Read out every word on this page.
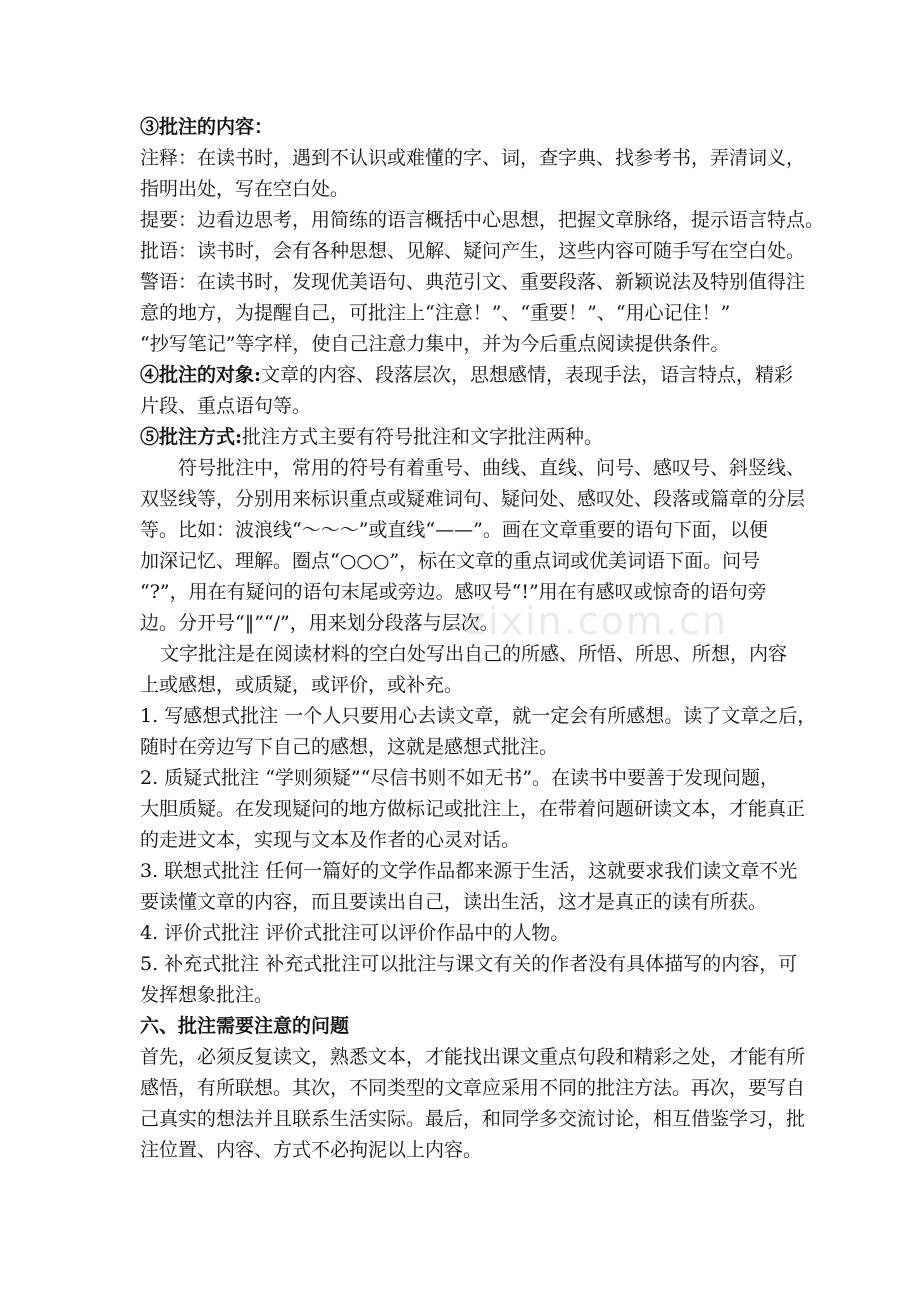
③批注的内容：
注释：在读书时，遇到不认识或难懂的字、词，查字典、找参考书，弄清词义，
指明出处，写在空白处。
提要：边看边思考，用简练的语言概括中心思想，把握文章脉络，提示语言特点。
批语：读书时，会有各种思想、见解、疑问产生，这些内容可随手写在空白处。
警语：在读书时，发现优美语句、典范引文、重要段落、新颖说法及特别值得注
意的地方，为提醒自己，可批注上“注意！”、“重要！”、“用心记住！”
“抄写笔记”等字样，使自己注意力集中，并为今后重点阅读提供条件。
④批注的对象:文章的内容、段落层次，思想感情，表现手法，语言特点，精彩
片段、重点语句等。
⑤批注方式:批注方式主要有符号批注和文字批注两种。
符号批注中，常用的符号有着重号、曲线、直线、问号、感叹号、斜竖线、
双竖线等，分别用来标识重点或疑难词句、疑问处、感叹处、段落或篇章的分层
等。比如：波浪线“～～～”或直线“——”。画在文章重要的语句下面，以便
加深记忆、理解。圈点“○○○”，标在文章的重点词或优美词语下面。问号
“?”，用在有疑问的语句末尾或旁边。感叹号“!”用在有感叹或惊奇的语句旁
边。分开号“‖”“/”，用来划分段落与层次。
文字批注是在阅读材料的空白处写出自己的所感、所悟、所思、所想，内容
上或感想，或质疑，或评价，或补充。
1. 写感想式批注 一个人只要用心去读文章，就一定会有所感想。读了文章之后，
随时在旁边写下自己的感想，这就是感想式批注。
2. 质疑式批注 “学则须疑”“尽信书则不如无书”。在读书中要善于发现问题，
大胆质疑。在发现疑问的地方做标记或批注上，在带着问题研读文本，才能真正
的走进文本，实现与文本及作者的心灵对话。
3. 联想式批注 任何一篇好的文学作品都来源于生活，这就要求我们读文章不光
要读懂文章的内容，而且要读出自己，读出生活，这才是真正的读有所获。
4. 评价式批注 评价式批注可以评价作品中的人物。
5. 补充式批注 补充式批注可以批注与课文有关的作者没有具体描写的内容，可
发挥想象批注。
六、批注需要注意的问题
首先，必须反复读文，熟悉文本，才能找出课文重点句段和精彩之处，才能有所
感悟，有所联想。其次，不同类型的文章应采用不同的批注方法。再次，要写自
己真实的想法并且联系生活实际。最后，和同学多交流讨论，相互借鉴学习，批
注位置、内容、方式不必拘泥以上内容。
zixin.com.cn
